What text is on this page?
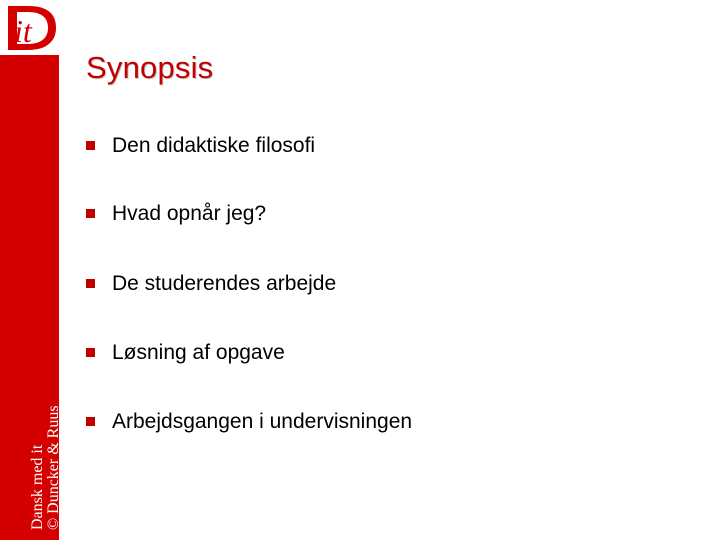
it
Dansk med it © Duncker & Ruus
Synopsis
Den didaktiske filosofi
Hvad opnår jeg?
De studerendes arbejde
Løsning af opgave
Arbejdsgangen i undervisningen
